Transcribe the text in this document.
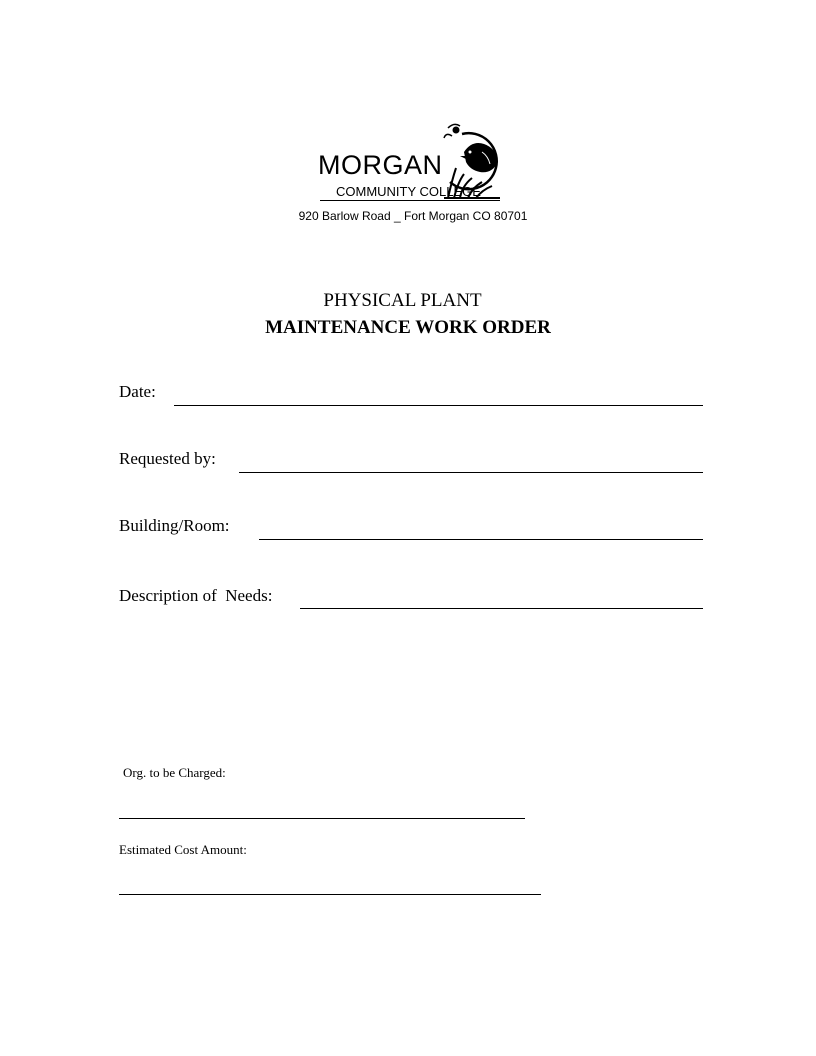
MORGAN
COMMUNITY COLLEGE
920 Barlow Road _ Fort Morgan CO 80701
PHYSICAL PLANT
MAINTENANCE WORK ORDER
Date:
Requested by:
Building/Room:
Description of  Needs:
Org. to be Charged:
Estimated Cost Amount:
